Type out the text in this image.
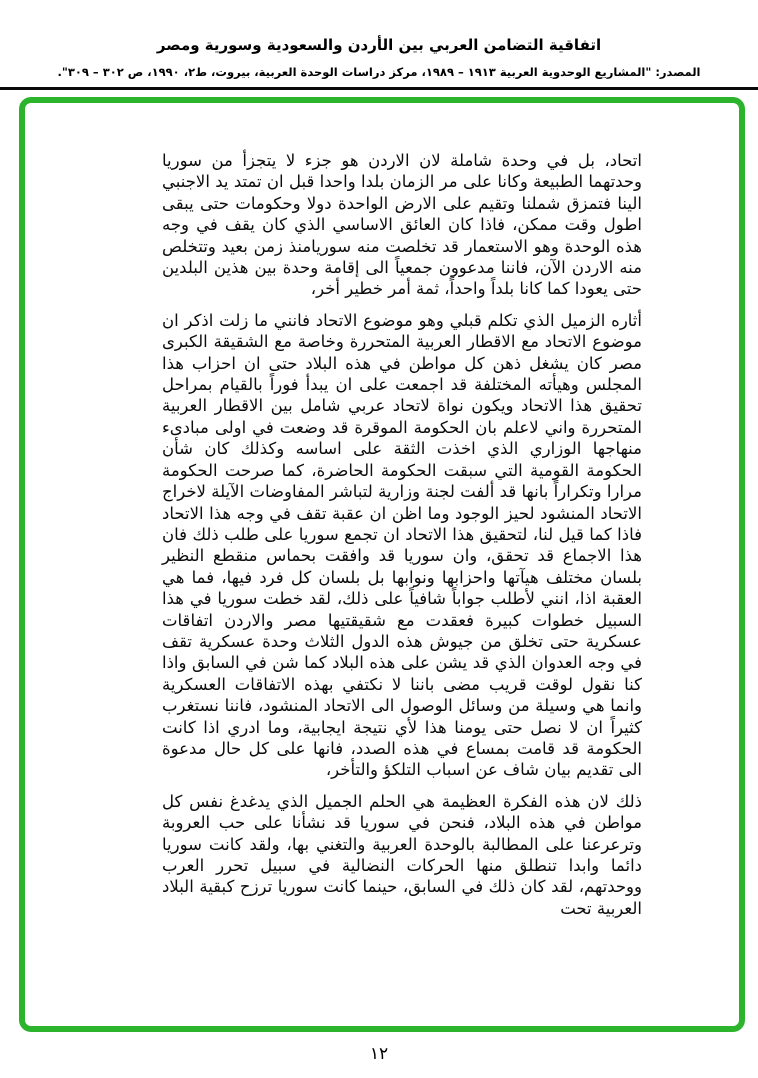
اتفاقية التضامن العربي بين الأردن والسعودية وسورية ومصر
المصدر: "المشاريع الوحدوية العربية ١٩١٣ – ١٩٨٩، مركز دراسات الوحدة العربية، بيروت، ط٢، ١٩٩٠، ص ٣٠٢ – ٣٠٩".

اتحاد، بل في وحدة شاملة لان الاردن هو جزء لا يتجزأ من سوريا وحدتهما الطبيعة وكانا على مر الزمان بلدا واحدا قبل ان تمتد يد الاجنبي الينا فتمزق شملنا وتقيم على الارض الواحدة دولا وحكومات حتى يبقى اطول وقت ممكن، فاذا كان العائق الاساسي الذي كان يقف في وجه هذه الوحدة وهو الاستعمار قد تخلصت منه سوريامنذ زمن بعيد وتتخلص منه الاردن الآن، فاننا مدعوون جمعياً الى إقامة وحدة بين هذين البلدين حتى يعودا كما كانا بلداً واحداً، ثمة أمر خطير أخر،

أثاره الزميل الذي تكلم قبلي وهو موضوع الاتحاد فانني ما زلت اذكر ان موضوع الاتحاد مع الاقطار العربية المتحررة وخاصة مع الشقيقة الكبرى مصر كان يشغل ذهن كل مواطن في هذه البلاد حتى ان احزاب هذا المجلس وهيأته المختلفة قد اجمعت على ان يبدأ فوراً بالقيام بمراحل تحقيق هذا الاتحاد ويكون نواة لاتحاد عربي شامل بين الاقطار العربية المتحررة واني لاعلم بان الحكومة الموقرة قد وضعت في اولى مبادىء منهاجها الوزاري الذي اخذت الثقة على اساسه وكذلك كان شأن الحكومة القومية التي سبقت الحكومة الحاضرة، كما صرحت الحكومة مرارا وتكراراً بانها قد ألفت لجنة وزارية لتباشر المفاوضات الآيلة لاخراج الاتحاد المنشود لحيز الوجود وما اظن ان عقبة تقف في وجه هذا الاتحاد فاذا كما قيل لنا، لتحقيق هذا الاتحاد ان تجمع سوريا على طلب ذلك فان هذا الاجماع قد تحقق، وان سوريا قد وافقت بحماس منقطع النظير بلسان مختلف هيآتها واحزابها ونوابها بل بلسان كل فرد فيها، فما هي العقبة اذا، انني لأطلب جواباً شافياً على ذلك، لقد خطت سوريا في هذا السبيل خطوات كبيرة فعقدت مع شقيقتيها مصر والاردن اتفاقات عسكرية حتى تخلق من جيوش هذه الدول الثلاث وحدة عسكرية تقف في وجه العدوان الذي قد يشن على هذه البلاد كما شن في السابق واذا كنا نقول لوقت قريب مضى باننا لا نكتفي بهذه الاتفاقات العسكرية وانما هي وسيلة من وسائل الوصول الى الاتحاد المنشود، فاننا نستغرب كثيراً ان لا نصل حتى يومنا هذا لأي نتيجة ايجابية، وما ادري اذا كانت الحكومة قد قامت بمساع في هذه الصدد، فانها على كل حال مدعوة الى تقديم بيان شاف عن اسباب التلكؤ والتأخر،

ذلك لان هذه الفكرة العظيمة هي الحلم الجميل الذي يدغدغ نفس كل مواطن في هذه البلاد، فنحن في سوريا قد نشأنا على حب العروبة وترعرعنا على المطالبة بالوحدة العربية والتغني بها، ولقد كانت سوريا دائما وابدا تنطلق منها الحركات النضالية في سبيل تحرر العرب ووحدتهم، لقد كان ذلك في السابق، حينما كانت سوريا ترزح كبقية البلاد العربية تحت

١٢
